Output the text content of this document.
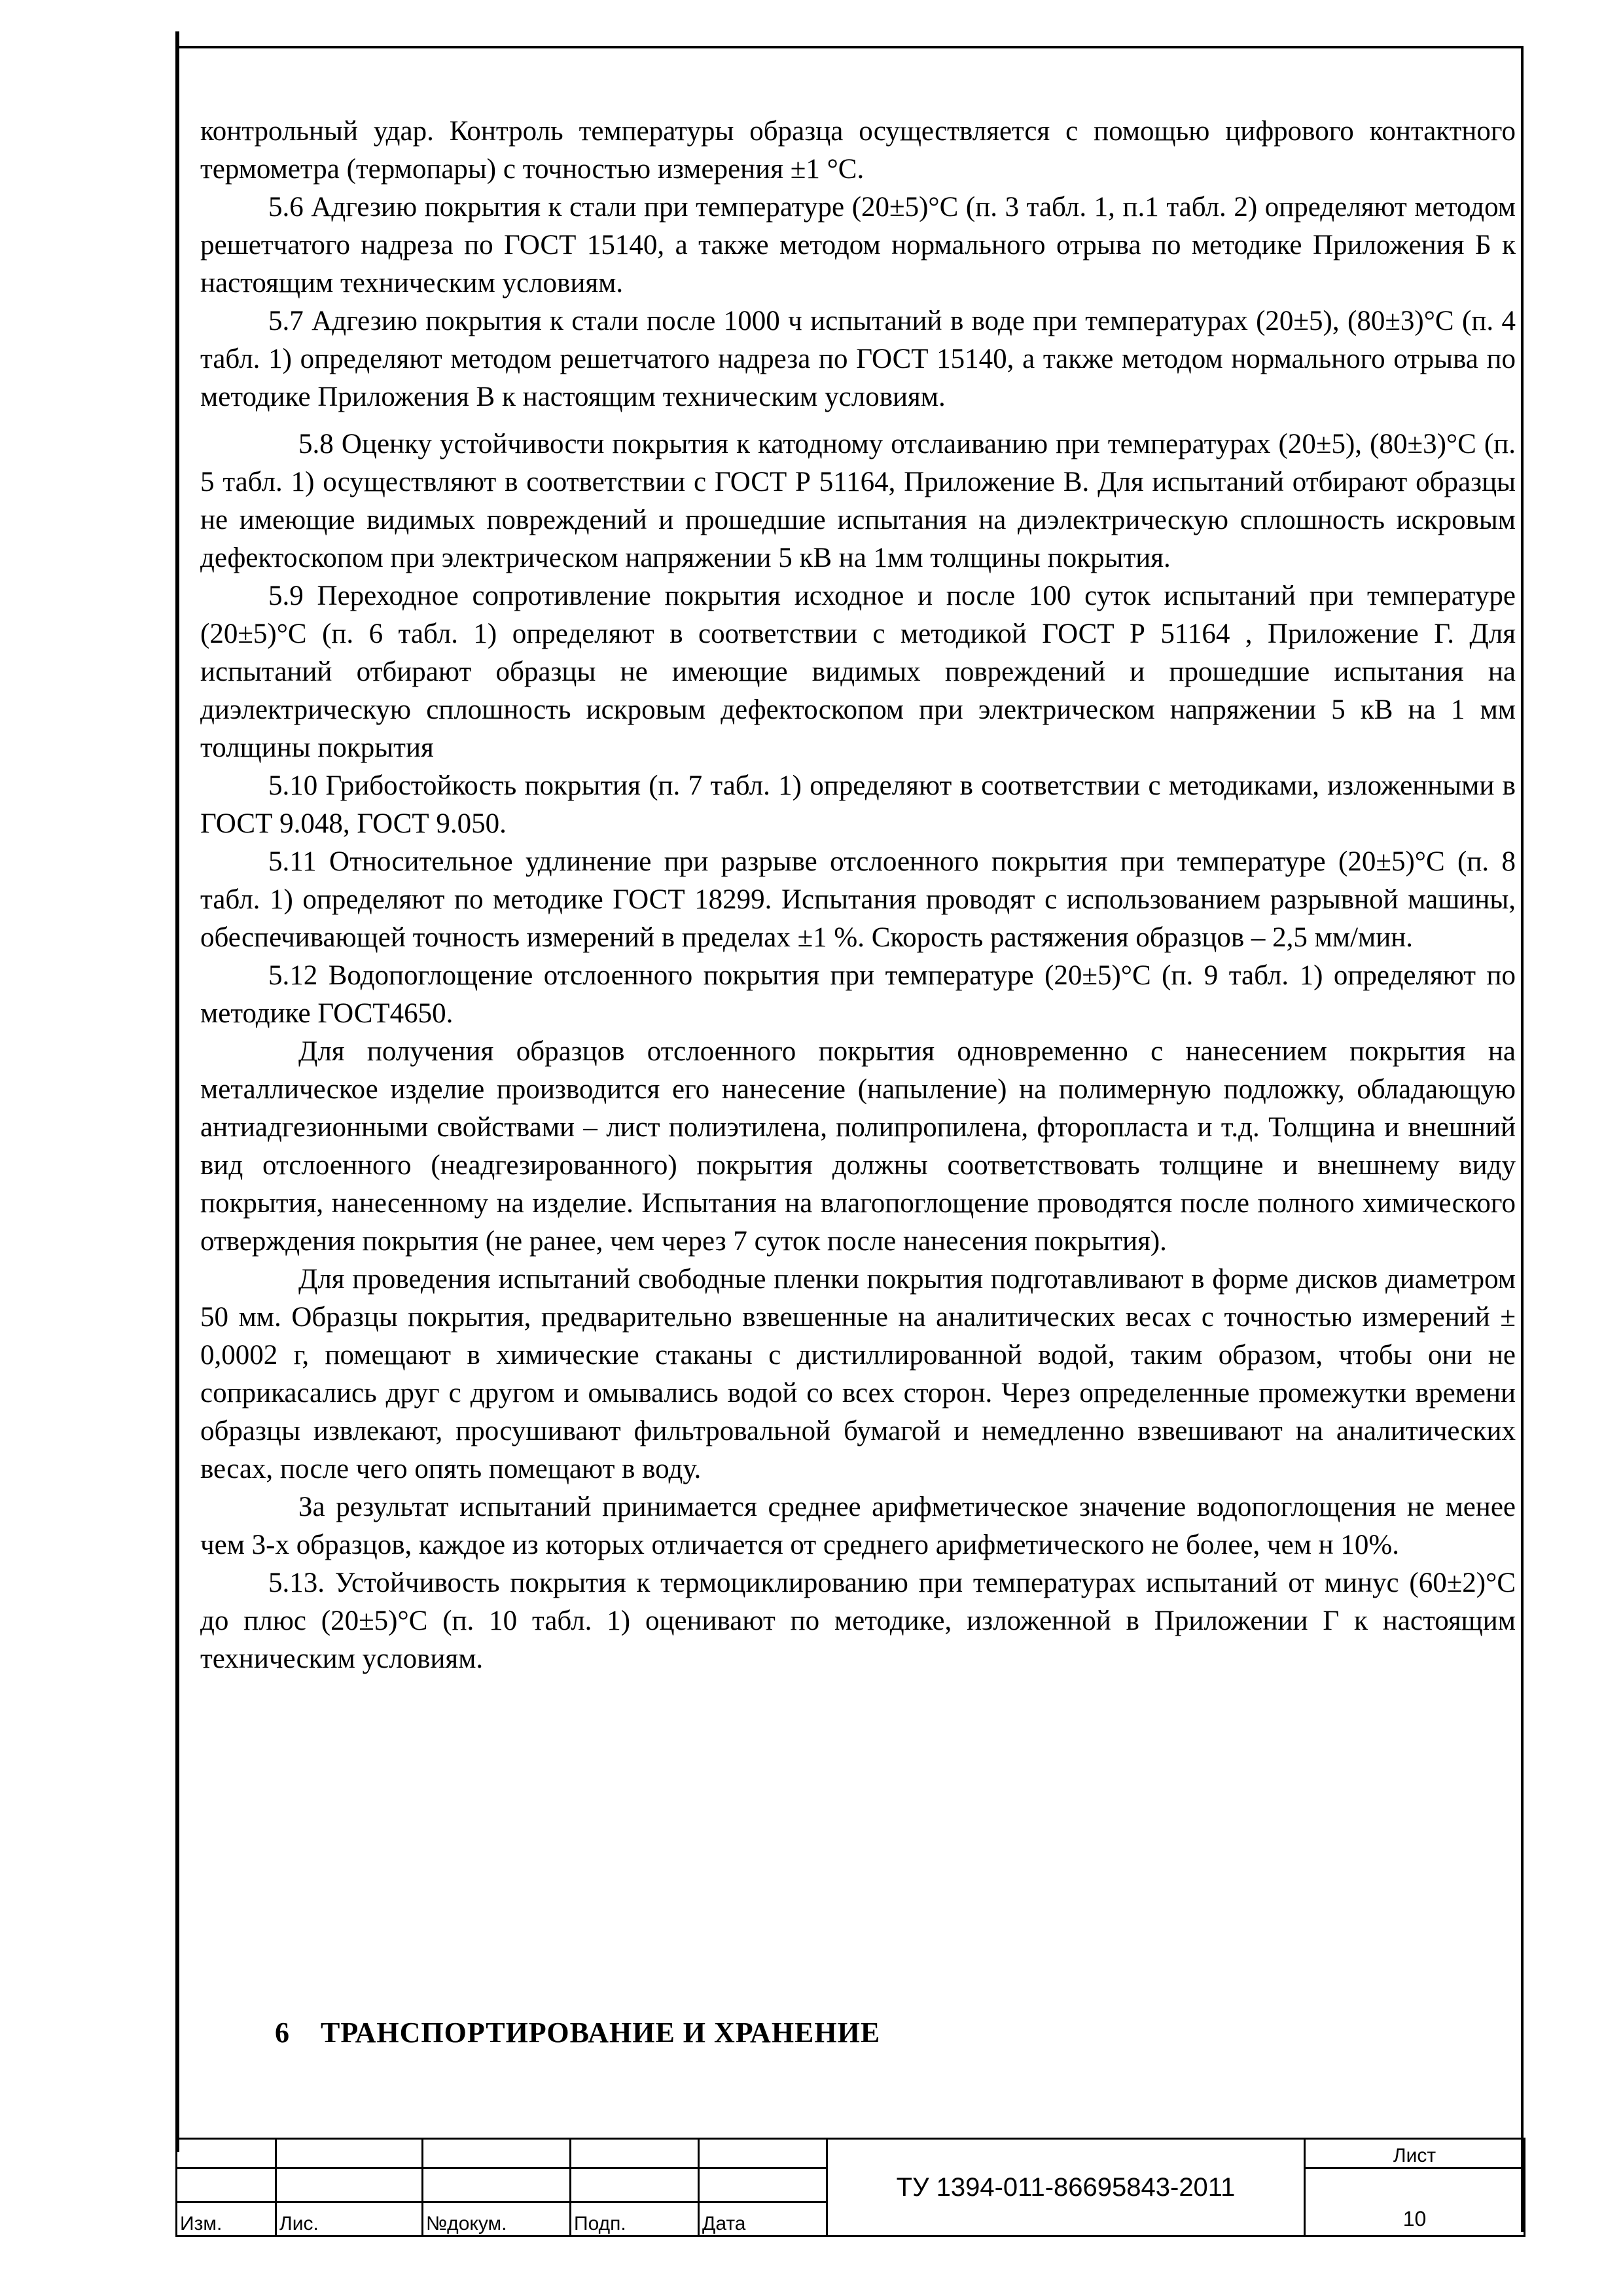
контрольный удар. Контроль температуры образца осуществляется с помощью цифрового контактного термометра (термопары) с точностью измерения ±1 °С.

5.6 Адгезию покрытия к стали при температуре (20±5)°С (п. 3 табл. 1, п.1 табл. 2) определяют методом решетчатого надреза по ГОСТ 15140, а также методом нормального отрыва по методике Приложения Б к настоящим техническим условиям.

5.7 Адгезию покрытия к стали после 1000 ч испытаний в воде при температурах (20±5), (80±3)°С (п. 4 табл. 1) определяют методом решетчатого надреза по ГОСТ 15140, а также методом нормального отрыва по методике Приложения В к настоящим техническим условиям.

5.8 Оценку устойчивости покрытия к катодному отслаиванию при температурах (20±5), (80±3)°С (п. 5 табл. 1) осуществляют в соответствии с ГОСТ Р 51164, Приложение В. Для испытаний отбирают образцы не имеющие видимых повреждений и прошедшие испытания на диэлектрическую сплошность искровым дефектоскопом при электрическом напряжении 5 кВ на 1мм толщины покрытия.

5.9 Переходное сопротивление покрытия исходное и после 100 суток испытаний при температуре (20±5)°С (п. 6 табл. 1) определяют в соответствии с методикой ГОСТ Р 51164 , Приложение Г. Для испытаний отбирают образцы не имеющие видимых повреждений и прошедшие испытания на диэлектрическую сплошность искровым дефектоскопом при электрическом напряжении 5 кВ на 1 мм толщины покрытия

5.10 Грибостойкость покрытия (п. 7 табл. 1) определяют в соответствии с методиками, изложенными в ГОСТ 9.048, ГОСТ 9.050.

5.11 Относительное удлинение при разрыве отслоенного покрытия при температуре (20±5)°С (п. 8 табл. 1) определяют по методике ГОСТ 18299. Испытания проводят с использованием разрывной машины, обеспечивающей точность измерений в пределах ±1 %. Скорость растяжения образцов – 2,5 мм/мин.

5.12 Водопоглощение отслоенного покрытия при температуре (20±5)°С (п. 9 табл. 1) определяют по методике ГОСТ4650.

Для получения образцов отслоенного покрытия одновременно с нанесением покрытия на металлическое изделие производится его нанесение (напыление) на полимерную подложку, обладающую антиадгезионными свойствами – лист полиэтилена, полипропилена, фторопласта и т.д. Толщина и внешний вид отслоенного (неадгезированного) покрытия должны соответствовать толщине и внешнему виду покрытия, нанесенному на изделие. Испытания на влагопоглощение проводятся после полного химического отверждения покрытия (не ранее, чем через 7 суток после нанесения покрытия).

Для проведения испытаний свободные пленки покрытия подготавливают в форме дисков диаметром 50 мм. Образцы покрытия, предварительно взвешенные на аналитических весах с точностью измерений ± 0,0002 г, помещают в химические стаканы с дистиллированной водой, таким образом, чтобы они не соприкасались друг с другом и омывались водой со всех сторон. Через определенные промежутки времени образцы извлекают, просушивают фильтровальной бумагой и немедленно взвешивают на аналитических весах, после чего опять помещают в воду.

За результат испытаний принимается среднее арифметическое значение водопоглощения не менее чем 3-х образцов, каждое из которых отличается от среднего арифметического не более, чем н 10%.

5.13. Устойчивость покрытия к термоциклированию при температурах испытаний от минус (60±2)°С до плюс (20±5)°С (п. 10 табл. 1) оценивают по методике, изложенной в Приложении Г к настоящим техническим условиям.

6 ТРАНСПОРТИРОВАНИЕ И ХРАНЕНИЕ
					ТУ 1394-011-86695843-2011	Лист
						10
Изм.	Лис.	№докум.	Подп.	Дата		
